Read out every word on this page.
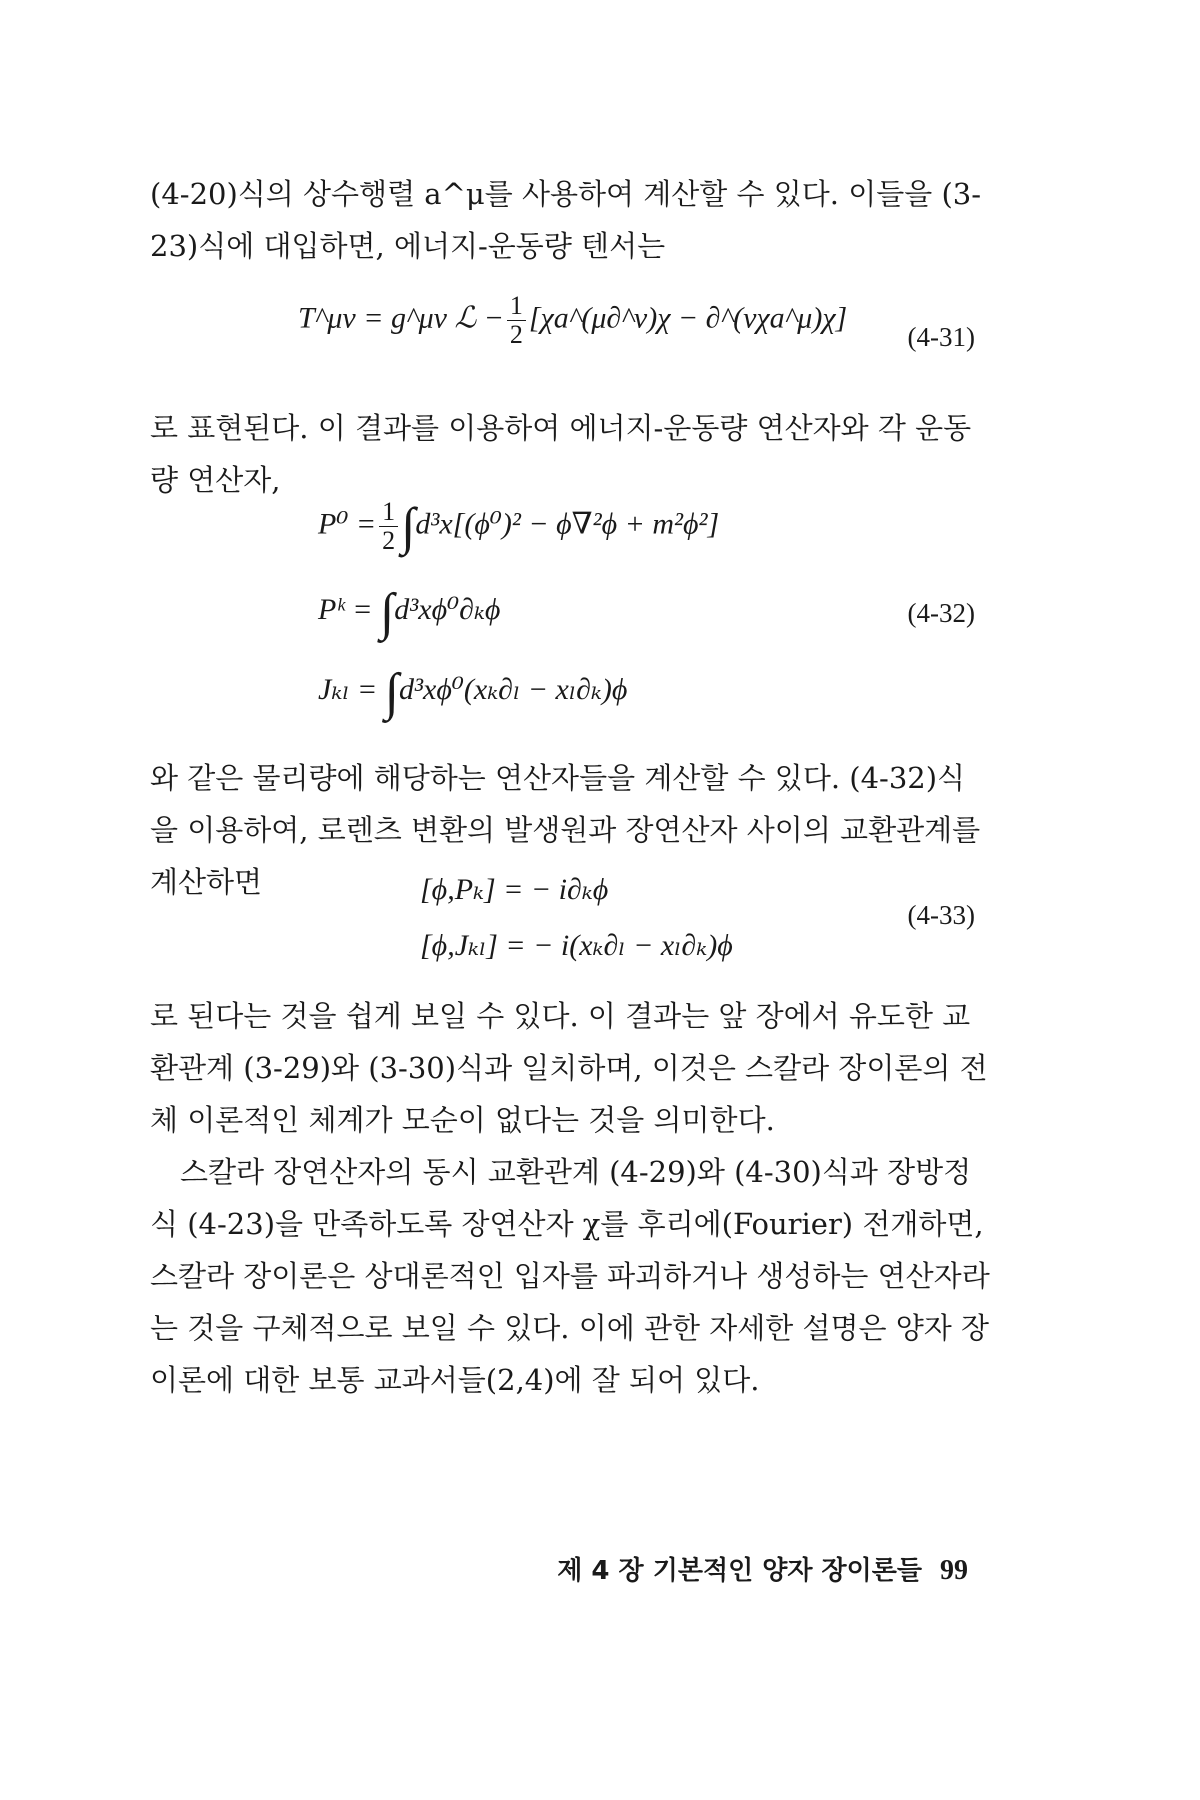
(4-20)식의 상수행렬 a^μ를 사용하여 계산할 수 있다. 이들을 (3-23)식에 대입하면, 에너지-운동량 텐서는

T^μν = g^μν ℒ − $\frac{1}{2}$ [χa^(μ∂^ν)χ − ∂^(νχa^μ)χ]
(4-31)

로 표현된다. 이 결과를 이용하여 에너지-운동량 연산자와 각 운동량 연산자,

$P^0 = \frac{1}{2} \int d^3x[(\phi^0)^2 - \phi\nabla^2\phi + m^2\phi^2]$
Pᵏ = ∫d³xϕ⁰∂ₖϕ	(4-32)
Jₖₗ = ∫d³xϕ⁰(xₖ∂ₗ − xₗ∂ₖ)ϕ

와 같은 물리량에 해당하는 연산자들을 계산할 수 있다. (4-32)식을 이용하여, 로렌츠 변환의 발생원과 장연산자 사이의 교환관계를 계산하면	[ϕ,Pₖ] = − i∂ₖϕ
[ϕ,Jₖₗ] = − i(xₖ∂ₗ − xₗ∂ₖ)ϕ
(4-33)

로 된다는 것을 쉽게 보일 수 있다. 이 결과는 앞 장에서 유도한 교환관계 (3-29)와 (3-30)식과 일치하며, 이것은 스칼라 장이론의 전체 이론적인 체계가 모순이 없다는 것을 의미한다.

스칼라 장연산자의 동시 교환관계 (4-29)와 (4-30)식과 장방정식 (4-23)을 만족하도록 장연산자 χ를 후리에(Fourier) 전개하면, 스칼라 장이론은 상대론적인 입자를 파괴하거나 생성하는 연산자라는 것을 구체적으로 보일 수 있다. 이에 관한 자세한 설명은 양자 장이론에 대한 보통 교과서들(2,4)에 잘 되어 있다.

제 4 장 기본적인 양자 장이론들 99
